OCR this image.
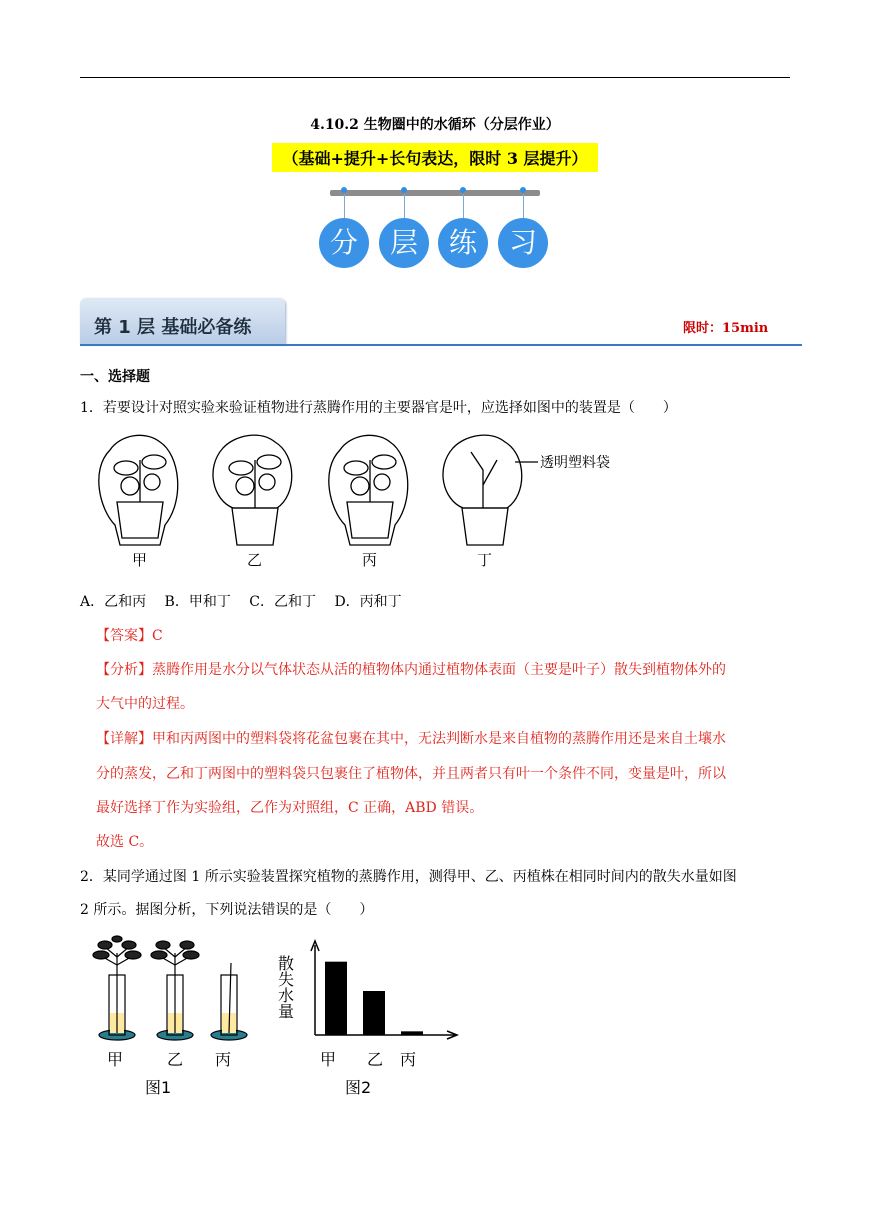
4.10.2 生物圈中的水循环（分层作业）
（基础+提升+长句表达，限时 3 层提升）
分	层	练	习
第 1 层 基础必备练	限时：15min
一、选择题
1．若要设计对照实验来验证植物进行蒸腾作用的主要器官是叶，应选择如图中的装置是（　　）
甲	乙	丙	丁
透明塑料袋
A．乙和丙　 B．甲和丁　 C．乙和丁　 D．丙和丁
【答案】C
【分析】蒸腾作用是水分以气体状态从活的植物体内通过植物体表面（主要是叶子）散失到植物体外的
大气中的过程。
【详解】甲和丙两图中的塑料袋将花盆包裹在其中，无法判断水是来自植物的蒸腾作用还是来自土壤水
分的蒸发，乙和丁两图中的塑料袋只包裹住了植物体，并且两者只有叶一个条件不同，变量是叶，所以
最好选择丁作为实验组，乙作为对照组，C 正确，ABD 错误。
故选 C。
2．某同学通过图 1 所示实验装置探究植物的蒸腾作用，测得甲、乙、丙植株在相同时间内的散失水量如图
2 所示。据图分析，下列说法错误的是（　　）
甲	乙 丙
图1
散失水量
甲 乙 丙
图2
